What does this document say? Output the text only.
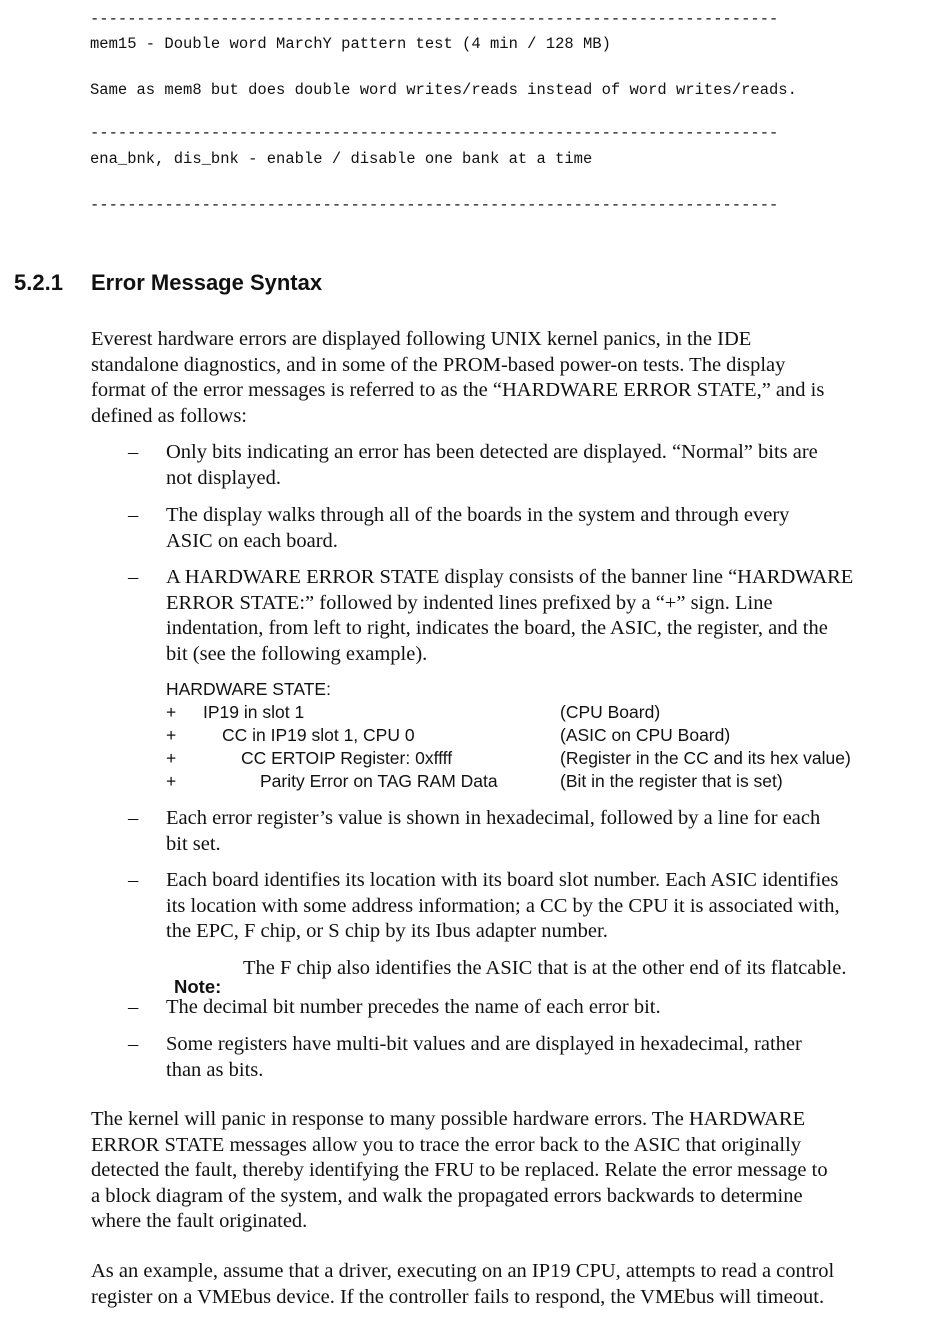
--------------------------------------------------------------------------
mem15 - Double word MarchY pattern test (4 min / 128 MB)
Same as mem8 but does double word writes/reads instead of word writes/reads.
--------------------------------------------------------------------------
ena_bnk, dis_bnk - enable / disable one bank at a time
--------------------------------------------------------------------------
5.2.1 Error Message Syntax
Everest hardware errors are displayed following UNIX kernel panics, in the IDE
standalone diagnostics, and in some of the PROM-based power-on tests. The display
format of the error messages is referred to as the “HARDWARE ERROR STATE,” and is
defined as follows:
– Only bits indicating an error has been detected are displayed. “Normal” bits are
not displayed.
– The display walks through all of the boards in the system and through every
ASIC on each board.
– A HARDWARE ERROR STATE display consists of the banner line “HARDWARE
ERROR STATE:” followed by indented lines prefixed by a “+” sign. Line
indentation, from left to right, indicates the board, the ASIC, the register, and the
bit (see the following example).
HARDWARE STATE:
+ IP19 in slot 1	(CPU Board)
+	CC in IP19 slot 1, CPU 0	(ASIC on CPU Board)
+	CC ERTOIP Register: 0xffff	(Register in the CC and its hex value)
+	Parity Error on TAG RAM Data	(Bit in the register that is set)
– Each error register’s value is shown in hexadecimal, followed by a line for each
bit set.
– Each board identifies its location with its board slot number. Each ASIC identifies
its location with some address information; a CC by the CPU it is associated with,
the EPC, F chip, or S chip by its Ibus adapter number.

Note:

The F chip also identifies the ASIC that is at the other end of its flatcable.

– The decimal bit number precedes the name of each error bit.
– Some registers have multi-bit values and are displayed in hexadecimal, rather
than as bits.
The kernel will panic in response to many possible hardware errors. The HARDWARE
ERROR STATE messages allow you to trace the error back to the ASIC that originally
detected the fault, thereby identifying the FRU to be replaced. Relate the error message to
a block diagram of the system, and walk the propagated errors backwards to determine
where the fault originated.
As an example, assume that a driver, executing on an IP19 CPU, attempts to read a control
register on a VMEbus device. If the controller fails to respond, the VMEbus will timeout.
